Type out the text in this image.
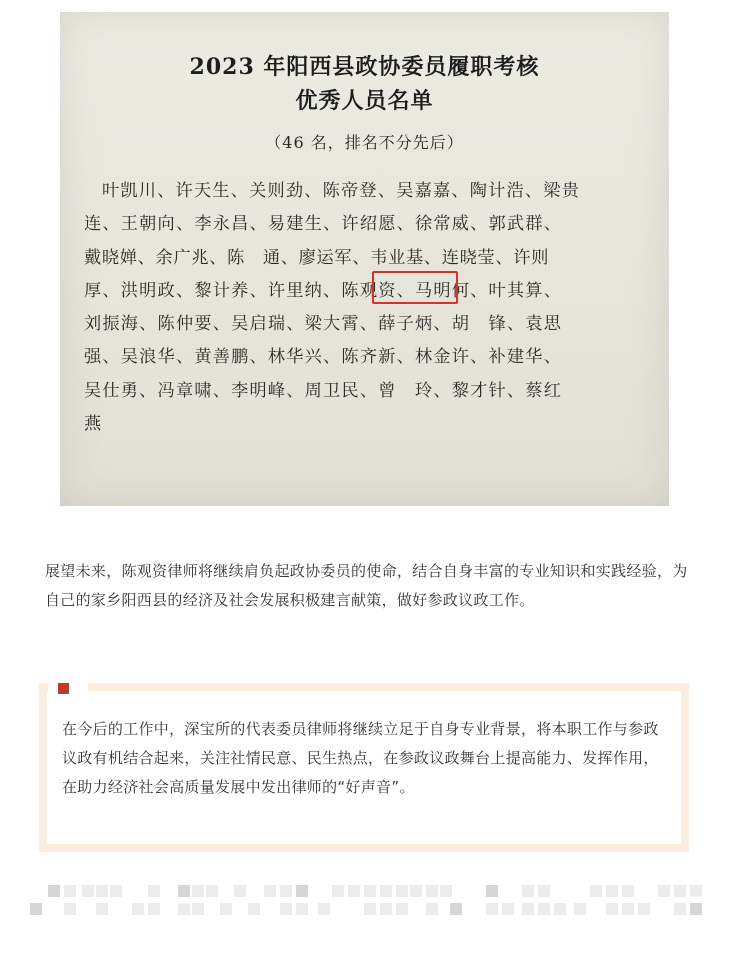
2023 年阳西县政协委员履职考核
优秀人员名单
（46 名，排名不分先后）
叶凯川、许天生、关则劲、陈帝登、吴嘉嘉、陶计浩、梁贵
连、王朝向、李永昌、易建生、许绍愿、徐常威、郭武群、
戴晓婵、余广兆、陈　通、廖运军、韦业基、连晓莹、许则
厚、洪明政、黎计养、许里纳、陈观资、马明何、叶其算、
刘振海、陈仲要、吴启瑞、梁大霄、薛子炳、胡　锋、袁思
强、吴浪华、黄善鹏、林华兴、陈齐新、林金许、补建华、
吴仕勇、冯章啸、李明峰、周卫民、曾　玲、黎才针、蔡红
燕

展望未来，陈观资律师将继续肩负起政协委员的使命，结合自身丰富的专业知识和实践经验，为自己的家乡阳西县的经济及社会发展积极建言献策，做好参政议政工作。

在今后的工作中，深宝所的代表委员律师将继续立足于自身专业背景，将本职工作与参政议政有机结合起来，关注社情民意、民生热点，在参政议政舞台上提高能力、发挥作用，在助力经济社会高质量发展中发出律师的“好声音”。
